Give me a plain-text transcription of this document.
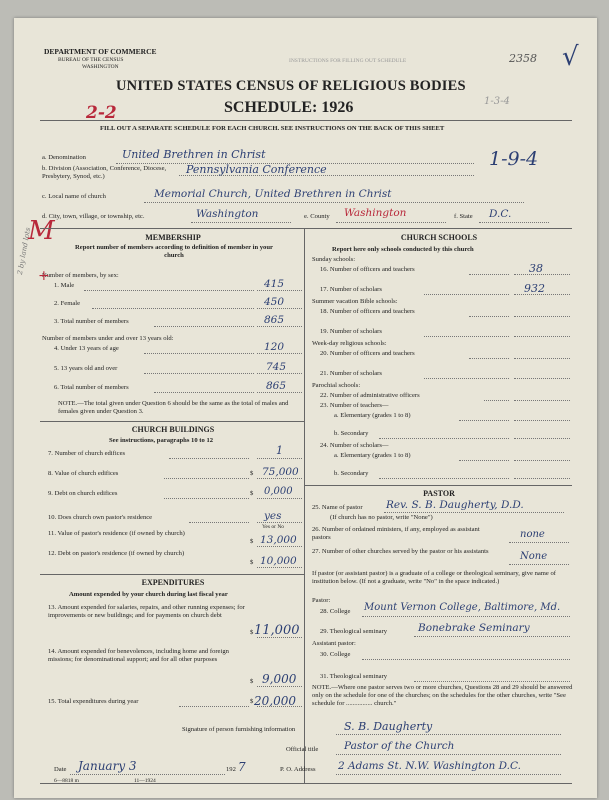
DEPARTMENT OF COMMERCE
BUREAU OF THE CENSUS
WASHINGTON
INSTRUCTIONS FOR FILLING OUT SCHEDULE	2358 √
UNITED STATES CENSUS OF RELIGIOUS BODIES
SCHEDULE: 1926
2-2
1-3-4
FILL OUT A SEPARATE SCHEDULE FOR EACH CHURCH. SEE INSTRUCTIONS ON THE BACK OF THIS SHEET
a. Denomination	United Brethren in Christ	1-9-4
b. Division (Association, Conference, Diocese, Presbytery, Synod, etc.)
Pennsylvania Conference
c. Local name of church	Memorial Church, United Brethren in Christ
d. City, town, village, or township, etc.	Washington	e. County Washington	f. State D.C.
M
2 by land lots	MEMBERSHIP
Report number of members according to definition of member in your church
Number of members, by sex:
+
1. Male	415
2. Female	450
3. Total number of members	865
Number of members under and over 13 years old:
4. Under 13 years of age	120
5. 13 years old and over	745
6. Total number of members	865
NOTE.—The total given under Question 6 should be the same as the total of males and females given under Question 3.
CHURCH BUILDINGS
See instructions, paragraphs 10 to 12
7. Number of church edifices	1
8. Value of church edifices	$ 75,000
9. Debt on church edifices	$ 0,000
10. Does church own pastor's residence	yes
Yes or No
11. Value of pastor's residence (if owned by church)
$ 13,000
12. Debt on pastor's residence (if owned by church)
$ 10,000
EXPENDITURES
Amount expended by your church during last fiscal year
13. Amount expended for salaries, repairs, and other running expenses; for improvements or new buildings; and for payments on church debt
$ 11,000
14. Amount expended for benevolences, including home and foreign missions; for denominational support; and for all other purposes
$ 9,000
15. Total expenditures during year	$ 20,000
CHURCH SCHOOLS
Report here only schools conducted by this church
Sunday schools:
16. Number of officers and teachers	38
17. Number of scholars	932
Summer vacation Bible schools:
18. Number of officers and teachers
19. Number of scholars
Week-day religious schools:
20. Number of officers and teachers
21. Number of scholars
Parochial schools:
22. Number of administrative officers
23. Number of teachers—
a. Elementary (grades 1 to 8)
b. Secondary
24. Number of scholars—
a. Elementary (grades 1 to 8)
b. Secondary
PASTOR
25. Name of pastor Rev. S. B. Daugherty, D.D.
(If church has no pastor, write "None")
26. Number of ordained ministers, if any, employed as assistant pastors	none
27. Number of other churches served by the pastor or his assistants	None
If pastor (or assistant pastor) is a graduate of a college or theological seminary, give name of institution below. (If not a graduate, write "No" in the space indicated.)
Pastor:
28. College Mount Vernon College, Baltimore, Md.
29. Theological seminary	Bonebrake Seminary
Assistant pastor:
30. College
31. Theological seminary
NOTE.—Where one pastor serves two or more churches, Questions 28 and 29 should be answered only on the schedule for one of the churches; on the schedules for the other churches, write "See schedule for ................ church."
Signature of person furnishing information	S. B. Daugherty
Official title Pastor of the Church
Date January 3	192 7
6—8818 m	11—1924
P. O. Address 2 Adams St. N.W. Washington D.C.
